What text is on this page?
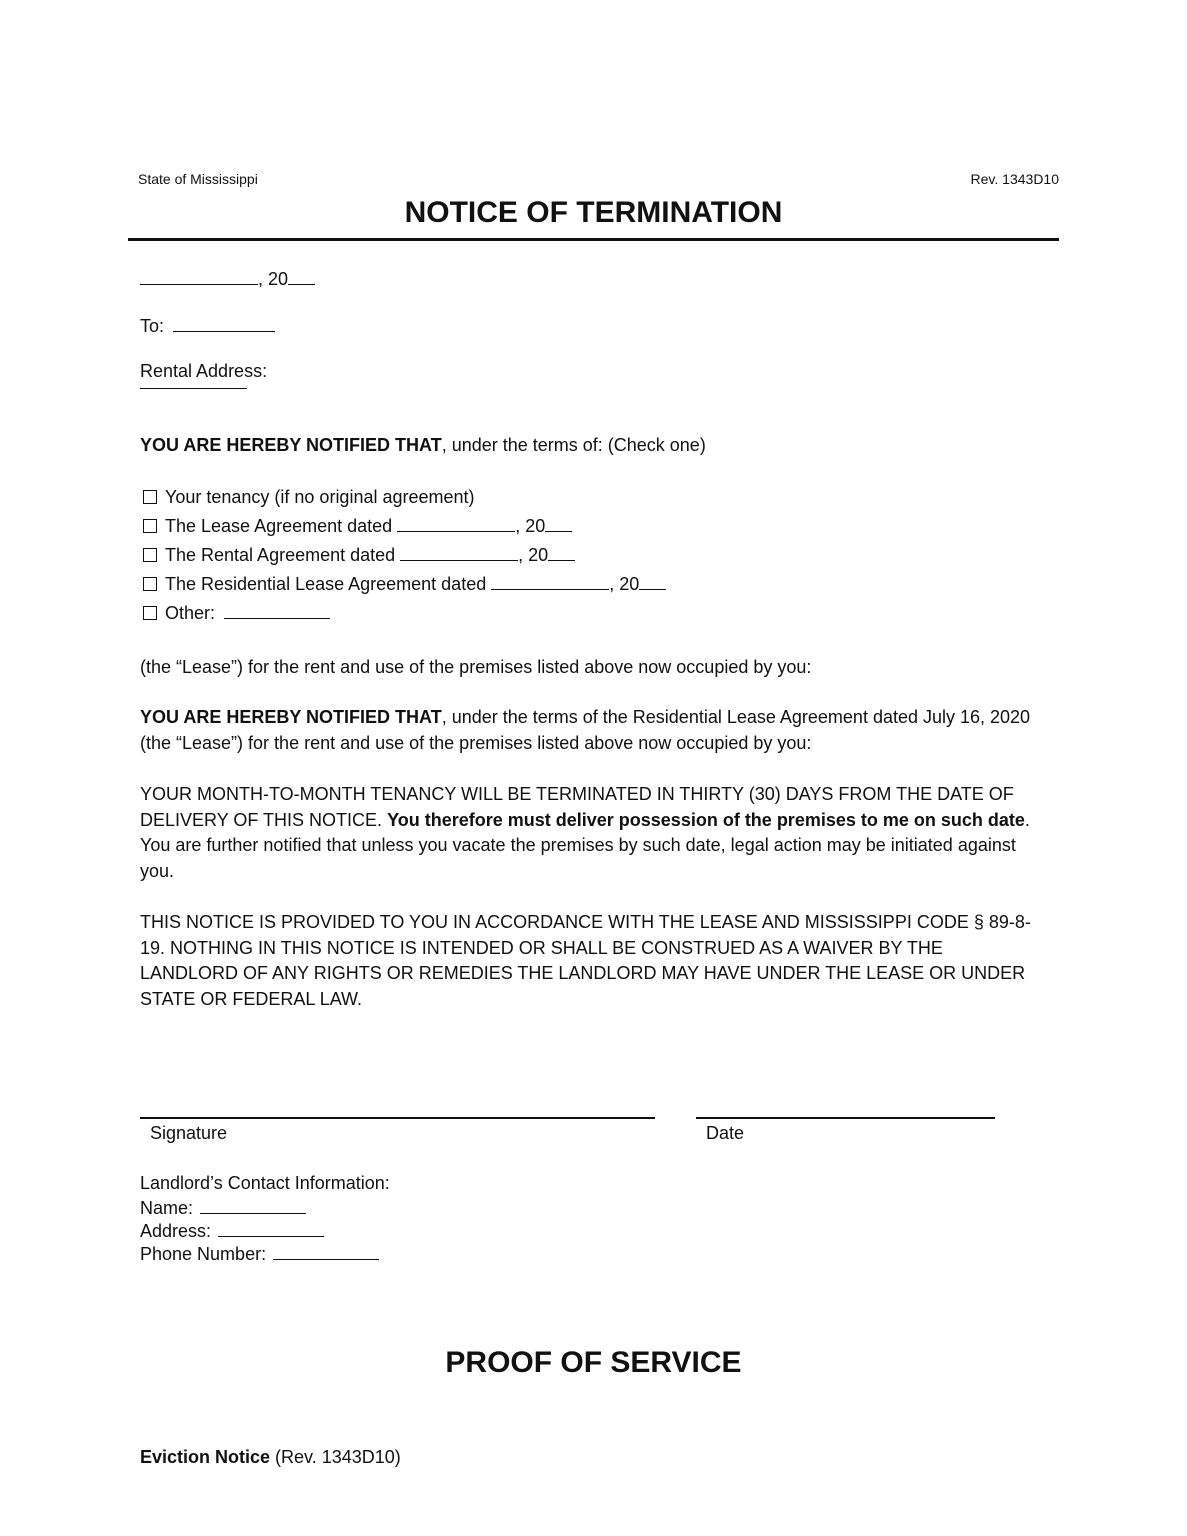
State of Mississippi	Rev. 1343D10
NOTICE OF TERMINATION
, 20
To:
Rental Address:
YOU ARE HEREBY NOTIFIED THAT, under the terms of: (Check one)
Your tenancy (if no original agreement)
The Lease Agreement dated	, 20
The Rental Agreement dated	, 20
The Residential Lease Agreement dated	, 20
Other:
(the “Lease”) for the rent and use of the premises listed above now occupied by you:
YOU ARE HEREBY NOTIFIED THAT, under the terms of the Residential Lease Agreement dated July 16, 2020 (the “Lease”) for the rent and use of the premises listed above now occupied by you:
YOUR MONTH-TO-MONTH TENANCY WILL BE TERMINATED IN THIRTY (30) DAYS FROM THE DATE OF DELIVERY OF THIS NOTICE. You therefore must deliver possession of the premises to me on such date. You are further notified that unless you vacate the premises by such date, legal action may be initiated against you.
THIS NOTICE IS PROVIDED TO YOU IN ACCORDANCE WITH THE LEASE AND MISSISSIPPI CODE § 89-8-19. NOTHING IN THIS NOTICE IS INTENDED OR SHALL BE CONSTRUED AS A WAIVER BY THE LANDLORD OF ANY RIGHTS OR REMEDIES THE LANDLORD MAY HAVE UNDER THE LEASE OR UNDER STATE OR FEDERAL LAW.
Signature	Date
Landlord’s Contact Information:
Name:
Address:
Phone Number:
PROOF OF SERVICE
Eviction Notice (Rev. 1343D10)
